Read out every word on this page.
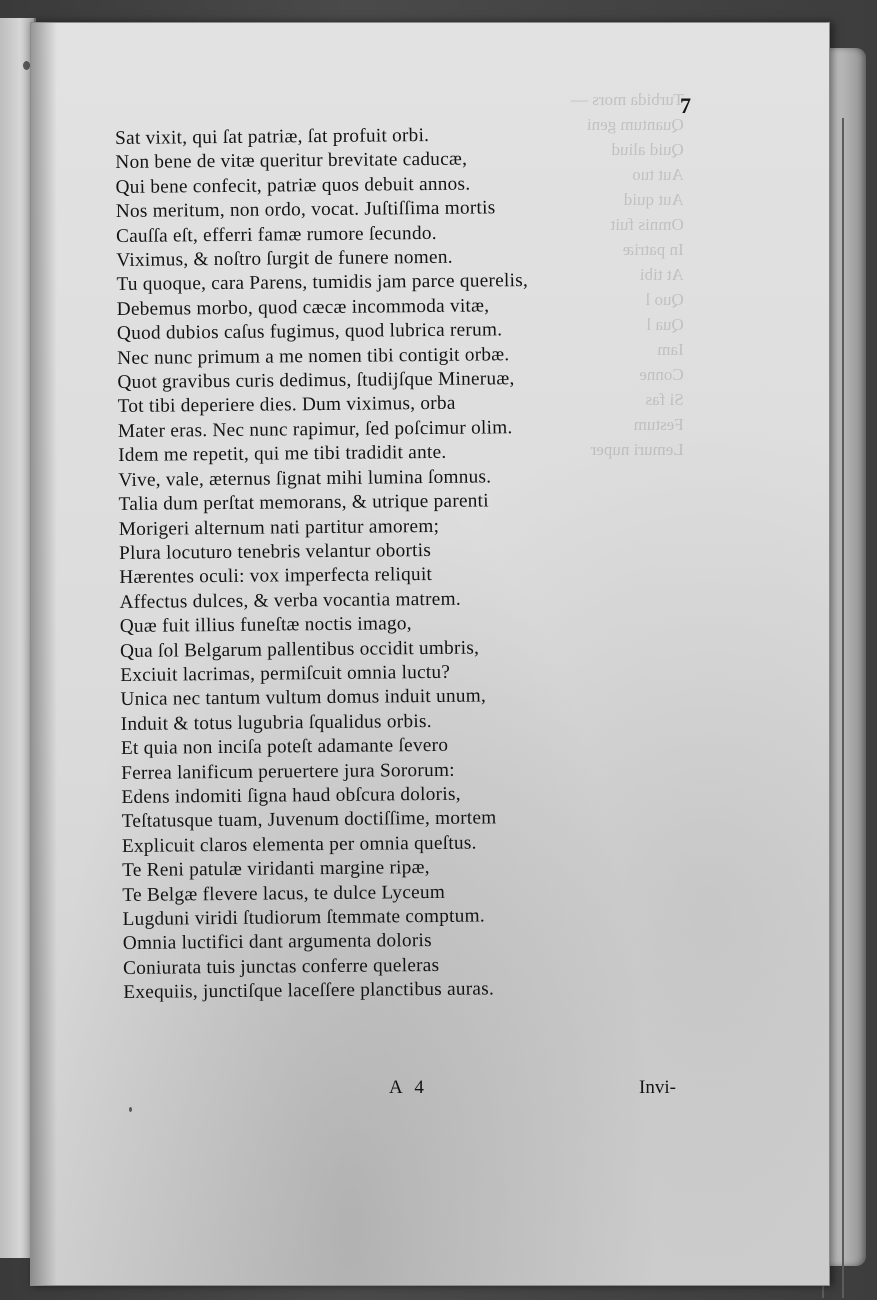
Turbida mors —
Quantum geni
Quid aliud
Aut tuo
Aut quid
Omnis fuit
In patriæ
At tibi
Quo l
Qua l
Iam
Conne
Si fas
Festum
Lemuri nuper
7
Sat vixit, qui ſat patriæ, ſat profuit orbi.
Non bene de vitæ queritur brevitate caducæ,
Qui bene confecit, patriæ quos debuit annos.
Nos meritum, non ordo, vocat. Juſtiſſima mortis
Cauſſa eſt, efferri famæ rumore ſecundo.
Viximus, & noſtro ſurgit de funere nomen.
Tu quoque, cara Parens, tumidis jam parce querelis,
Debemus morbo, quod cæcæ incommoda vitæ,
Quod dubios caſus fugimus, quod lubrica rerum.
Nec nunc primum a me nomen tibi contigit orbæ.
Quot gravibus curis dedimus, ſtudijſque Mineruæ,
Tot tibi deperiere dies. Dum viximus, orba
Mater eras. Nec nunc rapimur, ſed poſcimur olim.
Idem me repetit, qui me tibi tradidit ante.
Vive, vale, æternus ſignat mihi lumina ſomnus.
Talia dum perſtat memorans, & utrique parenti
Morigeri alternum nati partitur amorem;
Plura locuturo tenebris velantur obortis
Hærentes oculi: vox imperfecta reliquit
Affectus dulces, & verba vocantia matrem.
Quæ fuit illius funeſtæ noctis imago,
Qua ſol Belgarum pallentibus occidit umbris,
Exciuit lacrimas, permiſcuit omnia luctu?
Unica nec tantum vultum domus induit unum,
Induit & totus lugubria ſqualidus orbis.
Et quia non inciſa poteſt adamante ſevero
Ferrea lanificum peruertere jura Sororum:
Edens indomiti ſigna haud obſcura doloris,
Teſtatusque tuam, Juvenum doctiſſime, mortem
Explicuit claros elementa per omnia queſtus.
Te Reni patulæ viridanti margine ripæ,
Te Belgæ flevere lacus, te dulce Lyceum
Lugduni viridi ſtudiorum ſtemmate comptum.
Omnia luctifici dant argumenta doloris
Coniurata tuis junctas conferre queleras
Exequiis, junctiſque laceſſere planctibus auras.
A 4	Invi-
